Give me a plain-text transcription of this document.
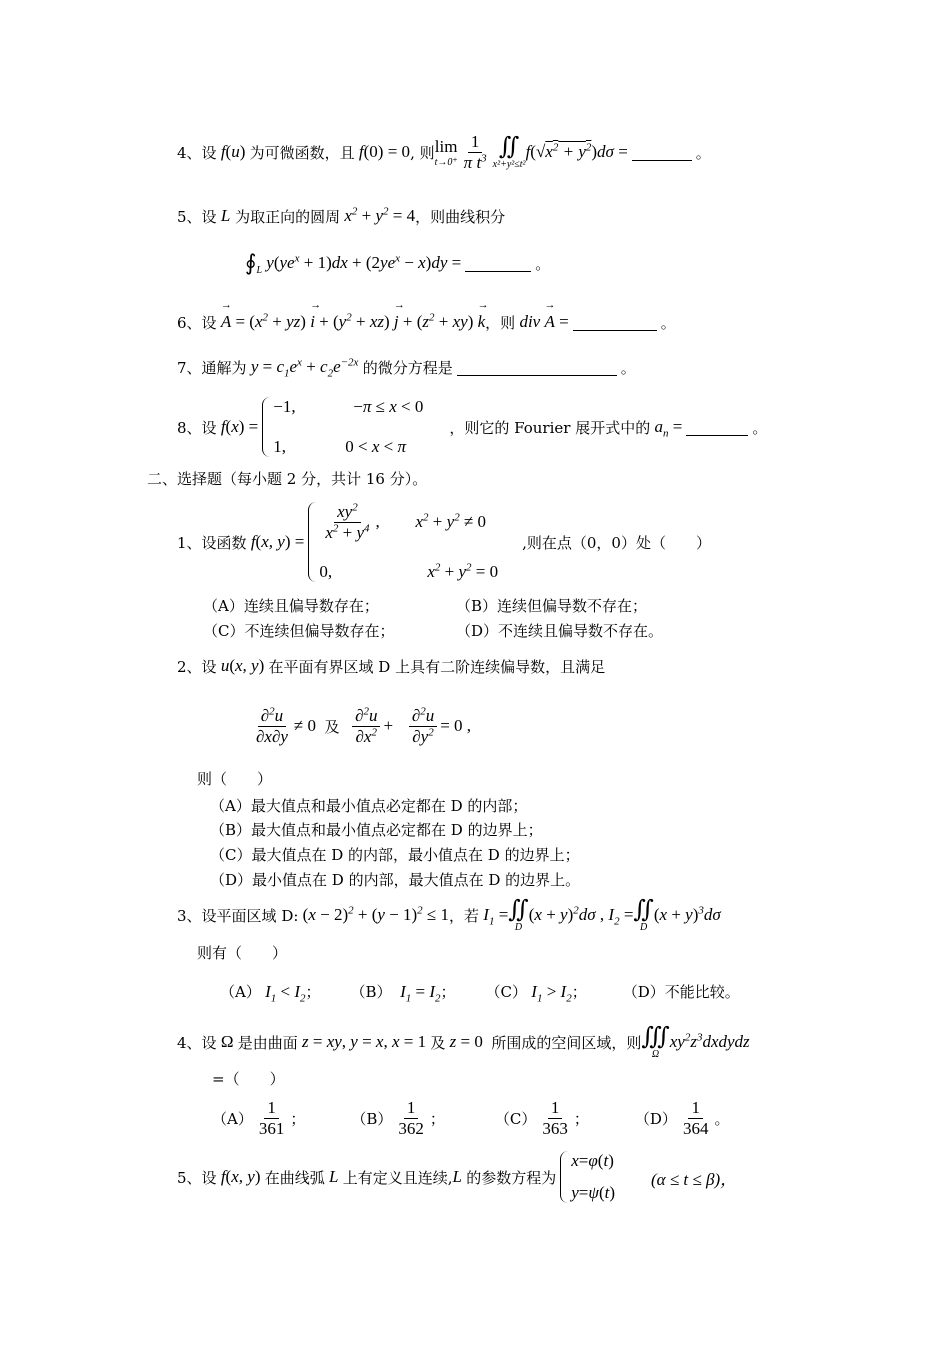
4、 设 f ( u ) 为可微函数，且 f (0) = 0 , 则 lim
$t\to 0^+ \frac{1}{\pi t^3}$ ∬
x²+y²≤t²
f (√ $x^2 + y^2$ ) dσ =	。
5、 设
L
为取正向的圆周 $x^2 + y^2 = 4$ ，则曲线积分
$∮_L$ $y(ye^x + 1)dx + (2ye^x - x)dy$ =	。
6、 设 → $A = (x^2 + yz) \to i + (y^2 + xz) \to j + (z^2 + xy) \to k$ ，则 div → A =	。
7、 通解为 $y = c_1e^x + c_2e^{-2x}$ 的微分方程是	。
8、 设 f(x) =
−1,	−π ≤ x < 0
1,	0 < x < π
，则它的 Fourier 展开式中的 $a_n$ =	。
二、选择题（每小题 2 分，共计 16 分）。
1、 设函数 f(x, $y) = \frac{xy^2}{x^2 + y^4}$ ,	$x^2 + y^2 \ne 0$
0,	$x^2 + y^2 = 0$
,则在点（0，0）处（　　）
（A）连续且偏导数存在；	（B）连续但偏导数不存在；
（C）不连续但偏导数存在；	（D）不连续且偏导数不存在。
2、 设 u(x, y) 在平面有界区域 D 上具有二阶连续偏导数，且满足
$\frac{\partial^2u}{\partial x\partial y} \ne 0$ 及
$\frac{\partial^2u}{\partial x^2} + \frac{\partial^2u}{\partial y^2} = 0$ ,
则（　　）
（A）最大值点和最小值点必定都在 D 的内部；
（B）最大值点和最小值点必定都在 D 的边界上；
（C）最大值点在 D 的内部，最小值点在 D 的边界上；
（D）最小值点在 D 的内部，最大值点在 D 的边界上。
3、 设平面区域 D: $(x - 2)^2 + (y - 1)^2 \le 1$ ，若 $I_1$ = ∬
D
$(x + y)^2d\sigma$ , $I_2$ = ∬
D
$(x + y)^3d\sigma$
则有（　　）
（A） $I_1 < I_2$； （B）  $I_1 = I_2$； （C） $I_1 > I_2$； （D）不能比较。
4、 设 Ω 是由曲面 z = xy, y = x, x = 1 及 z = 0 所围成的空间区域，则 ∭
Ω
$xy^2z^3dxdydz$
=（　　）
$(A) \frac{1}{361}$ ；	$(B) \frac{1}{362}$ ；	$(C) \frac{1}{363}$ ；	$(D) \frac{1}{364}$ 。
5、 设 f(x, y) 在曲线弧 L 上有定义且连续, L 的参数方程为
x = φ ( t )
y = ψ ( t )
(α ≤ t ≤ β)，
